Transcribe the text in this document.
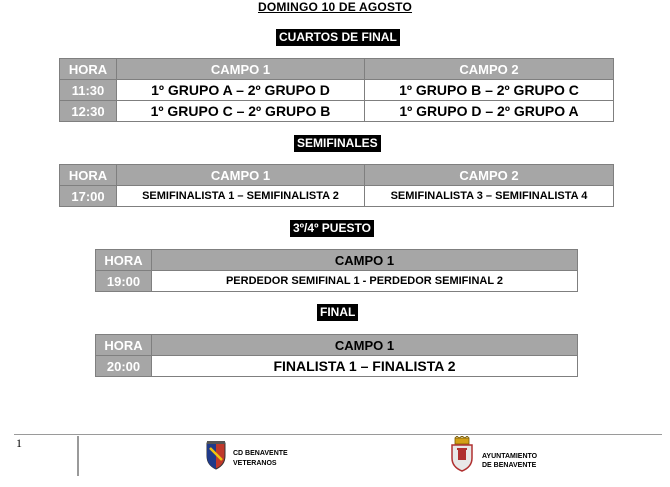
DOMINGO 10 DE AGOSTO
CUARTOS DE FINAL
HORA	CAMPO 1	CAMPO 2
11:30	1º GRUPO A – 2º GRUPO D	1º GRUPO B – 2º GRUPO C
12:30	1º GRUPO C – 2º GRUPO B	1º GRUPO D – 2º GRUPO A
SEMIFINALES
HORA	CAMPO 1	CAMPO 2
17:00	SEMIFINALISTA 1 – SEMIFINALISTA 2	SEMIFINALISTA 3 – SEMIFINALISTA 4
3º/4º PUESTO
HORA	CAMPO 1
19:00	PERDEDOR SEMIFINAL 1 - PERDEDOR SEMIFINAL 2
FINAL
HORA	CAMPO 1
20:00	FINALISTA 1 – FINALISTA 2
1
CD BENAVENTE
VETERANOS
AYUNTAMIENTO
DE BENAVENTE
